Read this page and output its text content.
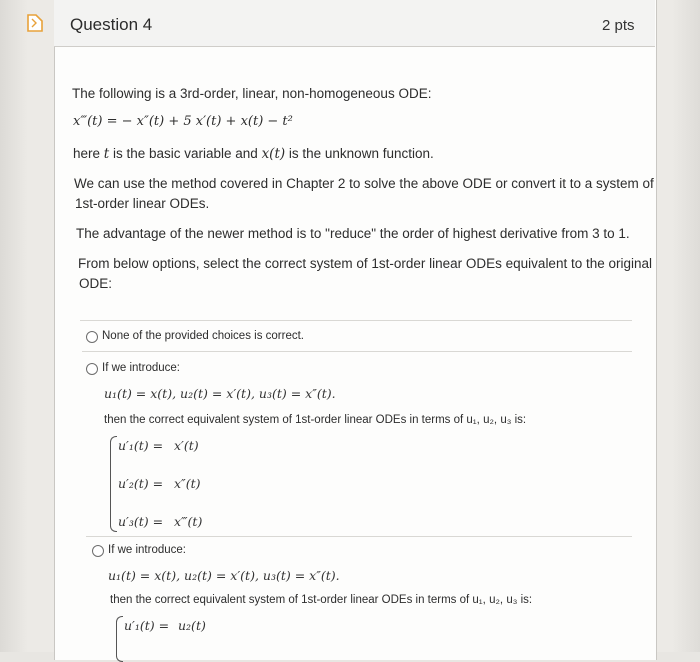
Question 4	2 pts
The following is a 3rd-order, linear, non-homogeneous ODE:
x‴(t) = − x″(t) + 5 x′(t) + x(t) − t²
here t is the basic variable and x(t) is the unknown function.
We can use the method covered in Chapter 2 to solve the above ODE or convert it to a system of
1st-order linear ODEs.
The advantage of the newer method is to "reduce" the order of highest derivative from 3 to 1.
From below options, select the correct system of 1st-order linear ODEs equivalent to the original
ODE:
None of the provided choices is correct.
If we introduce:
u₁(t) = x(t), u₂(t) = x′(t), u₃(t) = x″(t).
then the correct equivalent system of 1st-order linear ODEs in terms of u₁, u₂, u₃ is:
u′₁(t) = x′(t)
u′₂(t) = x″(t)
u′₃(t) = x‴(t)
If we introduce:
u₁(t) = x(t), u₂(t) = x′(t), u₃(t) = x″(t).
then the correct equivalent system of 1st-order linear ODEs in terms of u₁, u₂, u₃ is:
u′₁(t) = u₂(t)
